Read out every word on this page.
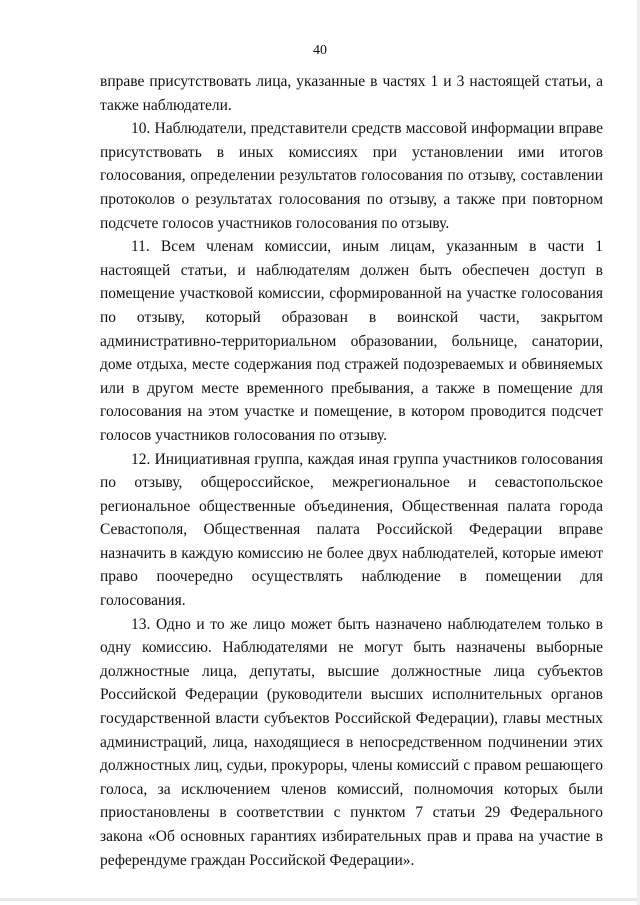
40

вправе присутствовать лица, указанные в частях 1 и 3 настоящей статьи, а также наблюдатели.

10. Наблюдатели, представители средств массовой информации вправе присутствовать в иных комиссиях при установлении ими итогов голосования, определении результатов голосования по отзыву, составлении протоколов о результатах голосования по отзыву, а также при повторном подсчете голосов участников голосования по отзыву.

11. Всем членам комиссии, иным лицам, указанным в части 1 настоящей статьи, и наблюдателям должен быть обеспечен доступ в помещение участковой комиссии, сформированной на участке голосования по отзыву, который образован в воинской части, закрытом административно-территориальном образовании, больнице, санатории, доме отдыха, месте содержания под стражей подозреваемых и обвиняемых или в другом месте временного пребывания, а также в помещение для голосования на этом участке и помещение, в котором проводится подсчет голосов участников голосования по отзыву.

12. Инициативная группа, каждая иная группа участников голосования по отзыву, общероссийское, межрегиональное и севастопольское региональное общественные объединения, Общественная палата города Севастополя, Общественная палата Российской Федерации вправе назначить в каждую комиссию не более двух наблюдателей, которые имеют право поочередно осуществлять наблюдение в помещении для голосования.

13. Одно и то же лицо может быть назначено наблюдателем только в одну комиссию. Наблюдателями не могут быть назначены выборные должностные лица, депутаты, высшие должностные лица субъектов Российской Федерации (руководители высших исполнительных органов государственной власти субъектов Российской Федерации), главы местных администраций, лица, находящиеся в непосредственном подчинении этих должностных лиц, судьи, прокуроры, члены комиссий с правом решающего голоса, за исключением членов комиссий, полномочия которых были приостановлены в соответствии с пунктом 7 статьи 29 Федерального закона «Об основных гарантиях избирательных прав и права на участие в референдуме граждан Российской Федерации».
